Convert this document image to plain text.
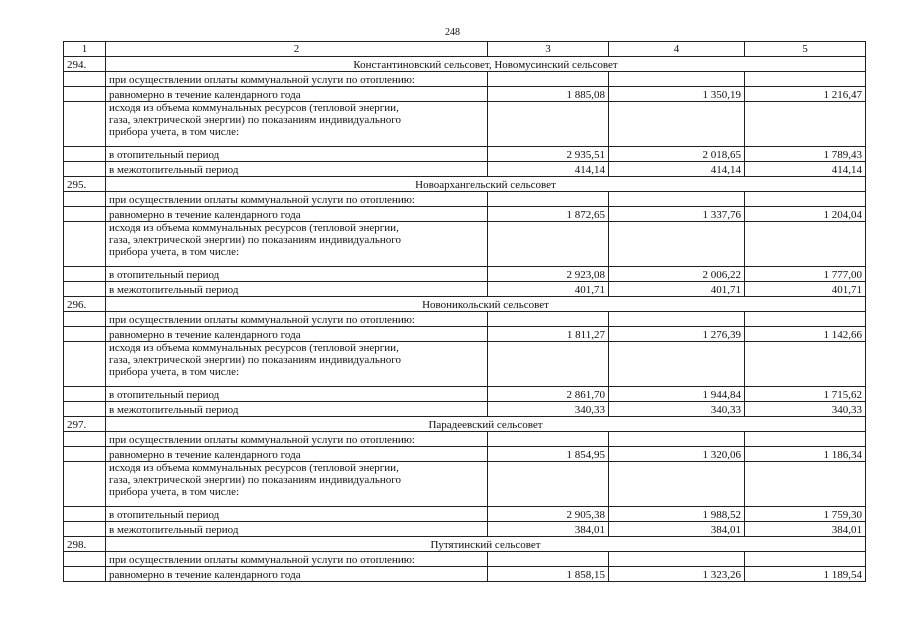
248
1	2	3	4	5
294.	Константиновский сельсовет, Новомусинский сельсовет			
	при осуществлении оплаты коммунальной услуги по отоплению:			
	равномерно в течение календарного года	1 885,08	1 350,19	1 216,47

	исходя из объема коммунальных ресурсов (тепловой энергии,
газа, электрической энергии) по показаниям индивидуального
прибора учета, в том числе:			

	в отопительный период	2 935,51	2 018,65	1 789,43
	в межотопительный период	414,14	414,14	414,14
295.	Новоархангельский сельсовет			
	при осуществлении оплаты коммунальной услуги по отоплению:			
	равномерно в течение календарного года	1 872,65	1 337,76	1 204,04

	исходя из объема коммунальных ресурсов (тепловой энергии,
газа, электрической энергии) по показаниям индивидуального
прибора учета, в том числе:			

	в отопительный период	2 923,08	2 006,22	1 777,00
	в межотопительный период	401,71	401,71	401,71
296.	Новоникольский сельсовет			
	при осуществлении оплаты коммунальной услуги по отоплению:			
	равномерно в течение календарного года	1 811,27	1 276,39	1 142,66

	исходя из объема коммунальных ресурсов (тепловой энергии,
газа, электрической энергии) по показаниям индивидуального
прибора учета, в том числе:			

	в отопительный период	2 861,70	1 944,84	1 715,62
	в межотопительный период	340,33	340,33	340,33
297.	Парадеевский сельсовет			
	при осуществлении оплаты коммунальной услуги по отоплению:			
	равномерно в течение календарного года	1 854,95	1 320,06	1 186,34

	исходя из объема коммунальных ресурсов (тепловой энергии,
газа, электрической энергии) по показаниям индивидуального
прибора учета, в том числе:			

	в отопительный период	2 905,38	1 988,52	1 759,30
	в межотопительный период	384,01	384,01	384,01
298.	Путятинский сельсовет			
	при осуществлении оплаты коммунальной услуги по отоплению:			
	равномерно в течение календарного года	1 858,15	1 323,26	1 189,54
